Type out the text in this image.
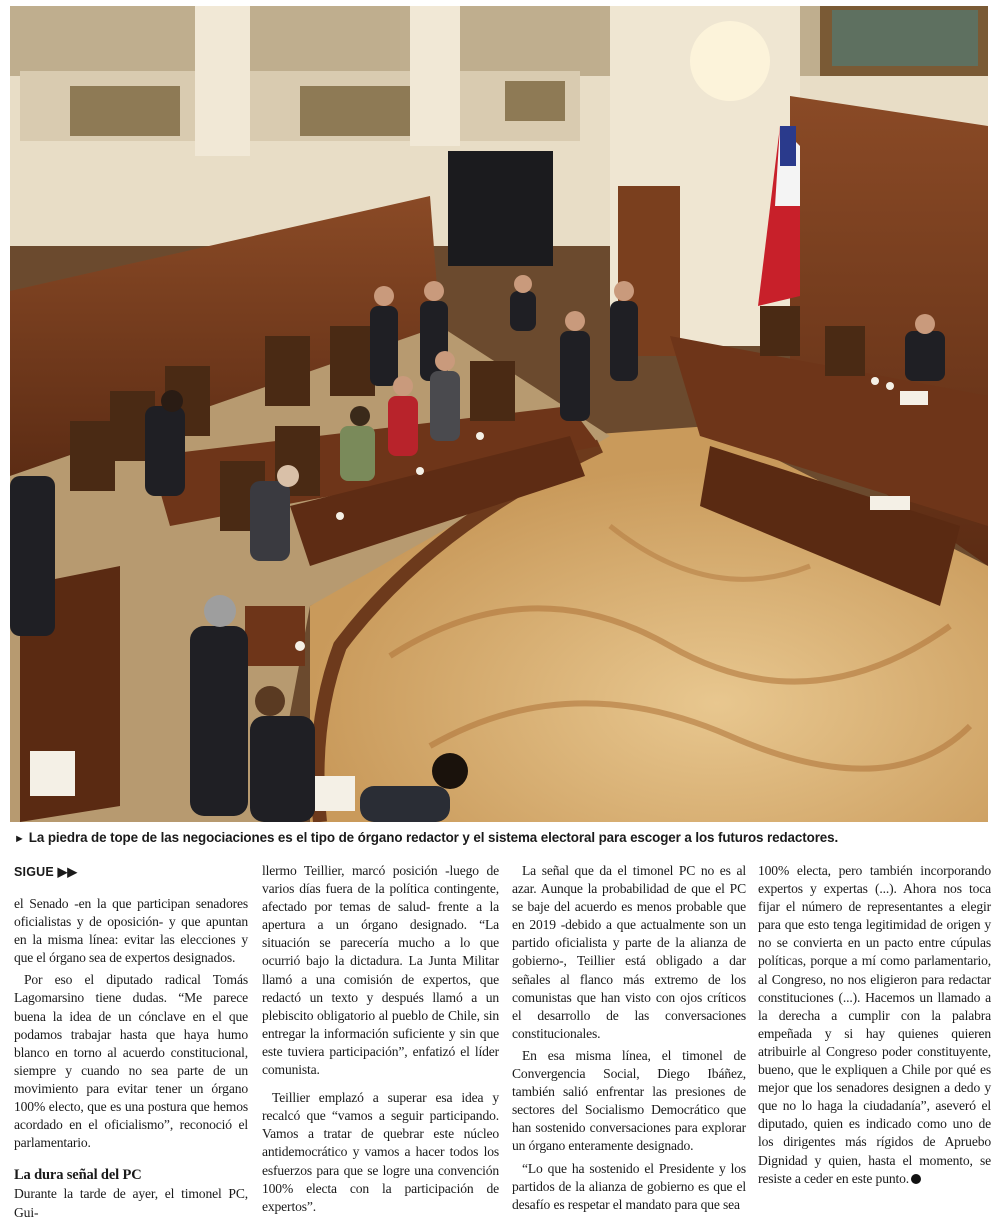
► La piedra de tope de las negociaciones es el tipo de órgano redactor y el sistema electoral para escoger a los futuros redactores.
SIGUE ▶▶

el Senado -en la que participan senadores oficialistas y de oposición- y que apuntan en la misma línea: evitar las elecciones y que el órgano sea de expertos designados.

Por eso el diputado radical Tomás Lagomarsino tiene dudas. “Me parece buena la idea de un cónclave en el que podamos trabajar hasta que haya humo blanco en torno al acuerdo constitucional, siempre y cuando no sea parte de un movimiento para evitar tener un órgano 100% electo, que es una postura que hemos acordado en el oficialismo”, reconoció el parlamentario.

La dura señal del PC

Durante la tarde de ayer, el timonel PC, Gui-

llermo Teillier, marcó posición -luego de varios días fuera de la política contingente, afectado por temas de salud- frente a la apertura a un órgano designado. “La situación se parecería mucho a lo que ocurrió bajo la dictadura. La Junta Militar llamó a una comisión de expertos, que redactó un texto y después llamó a un plebiscito obligatorio al pueblo de Chile, sin entregar la información suficiente y sin que este tuviera participación”, enfatizó el líder comunista.

Teillier emplazó a superar esa idea y recalcó que “vamos a seguir participando. Vamos a tratar de quebrar este núcleo antidemocrático y vamos a hacer todos los esfuerzos para que se logre una convención 100% electa con la participación de expertos”.

La señal que da el timonel PC no es al azar. Aunque la probabilidad de que el PC se baje del acuerdo es menos probable que en 2019 -debido a que actualmente son un partido oficialista y parte de la alianza de gobierno-, Teillier está obligado a dar señales al flanco más extremo de los comunistas que han visto con ojos críticos el desarrollo de las conversaciones constitucionales.

En esa misma línea, el timonel de Convergencia Social, Diego Ibáñez, también salió enfrentar las presiones de sectores del Socialismo Democrático que han sostenido conversaciones para explorar un órgano enteramente designado.

“Lo que ha sostenido el Presidente y los partidos de la alianza de gobierno es que el desafío es respetar el mandato para que sea

100% electa, pero también incorporando expertos y expertas (...). Ahora nos toca fijar el número de representantes a elegir para que esto tenga legitimidad de origen y no se convierta en un pacto entre cúpulas políticas, porque a mí como parlamentario, al Congreso, no nos eligieron para redactar constituciones (...). Hacemos un llamado a la derecha a cumplir con la palabra empeñada y si hay quienes quieren atribuirle al Congreso poder constituyente, bueno, que le expliquen a Chile por qué es mejor que los senadores designen a dedo y que no lo haga la ciudadanía”, aseveró el diputado, quien es indicado como uno de los dirigentes más rígidos de Apruebo Dignidad y quien, hasta el momento, se resiste a ceder en este punto.
